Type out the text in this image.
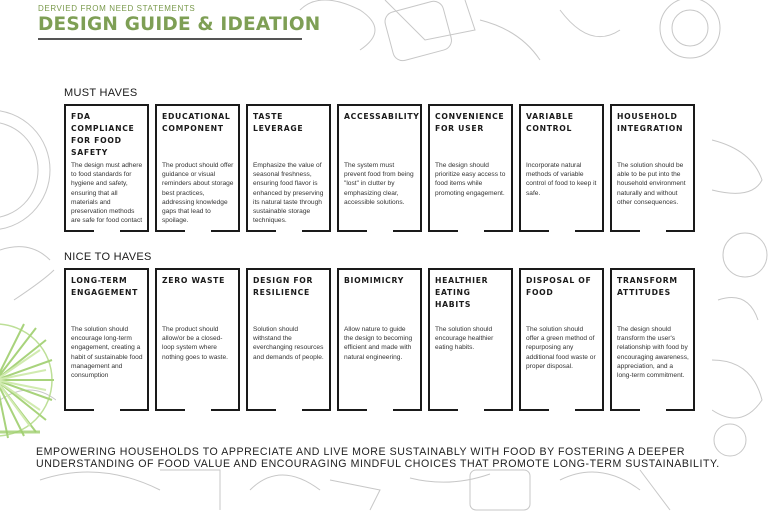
DERVIED FROM NEED STATEMENTS
DESIGN GUIDE & IDEATION
MUST HAVES
NICE TO HAVES
FDA COMPLIANCE FOR FOOD SAFETY
The design must adhere to food standards for hygiene and safety, ensuring that all materials and preservation methods are safe for food contact
EDUCATIONAL COMPONENT
The product should offer guidance or visual reminders about storage best practices, addressing knowledge gaps that lead to spoilage.
TASTE LEVERAGE
Emphasize the value of seasonal freshness, ensuring food flavor is enhanced by preserving its natural taste through sustainable storage techniques.
ACCESSABILITY
The system must prevent food from being "lost" in clutter by emphasizing clear, accessible solutions.
CONVENIENCE FOR USER
The design should prioritize easy access to food items while promoting engagement.
VARIABLE CONTROL
Incorporate natural methods of variable control of food to keep it safe.
HOUSEHOLD INTEGRATION
The solution should be able to be put into the household environment naturally and without other consequences.
LONG-TERM ENGAGEMENT
The solution should encourage long-term engagement, creating a habit of sustainable food management and consumption
ZERO WASTE
The product should allow/or be a closed-loop system where nothing goes to waste.
DESIGN FOR RESILIENCE
Solution should withstand the everchanging resources and demands of people.
BIOMIMICRY
Allow nature to guide the design to becoming efficient and made with natural engineering.
HEALTHIER EATING HABITS
The solution should encourage healthier eating habits.
DISPOSAL OF FOOD
The solution should offer a green method of repurposing any additional food waste or proper disposal.
TRANSFORM ATTITUDES
The design should transform the user's relationship with food by encouraging awareness, appreciation, and a long-term commitment.
EMPOWERING HOUSEHOLDS TO APPRECIATE AND LIVE MORE SUSTAINABLY WITH FOOD BY FOSTERING A DEEPER UNDERSTANDING OF FOOD VALUE AND ENCOURAGING MINDFUL CHOICES THAT PROMOTE LONG-TERM SUSTAINABILITY.
